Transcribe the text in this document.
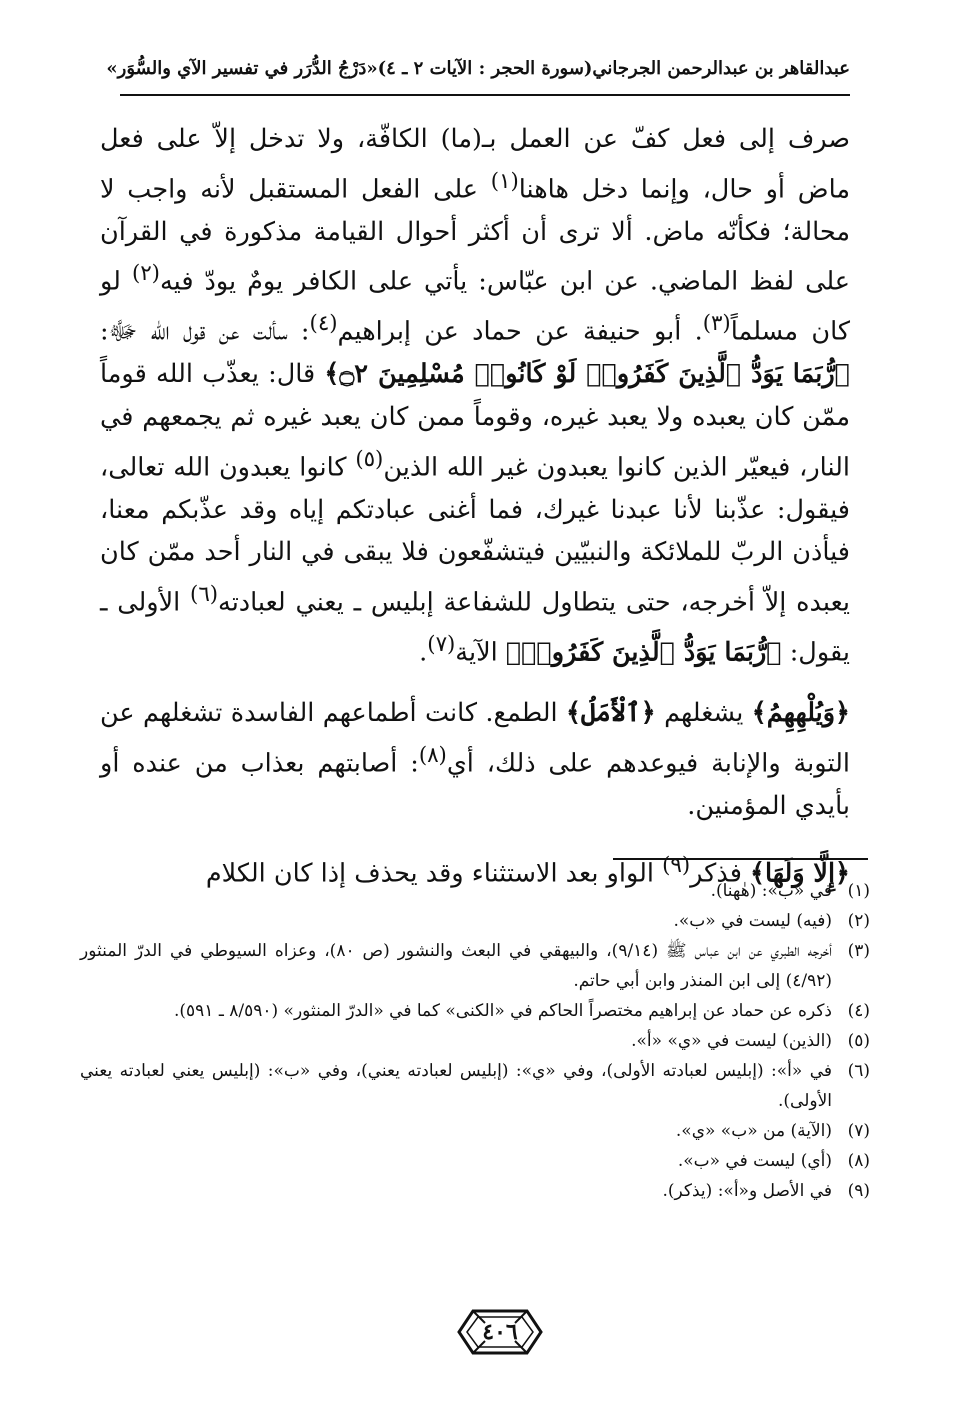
عبدالقاهر بن عبدالرحمن الجرجاني
(سورة الحجر : الآيات ٢ ـ ٤)
«دَرْجُ الدُّرَر في تفسير الآي والسُّوَر»

صرف إلى فعل كفّ عن العمل بـ(ما) الكافّة، ولا تدخل إلاّ على فعل ماض أو حال، وإنما دخل هاهنا$^{(١)}$ على الفعل المستقبل لأنه واجب لا محالة؛ فكأنّه ماض. ألا ترى أن أكثر أحوال القيامة مذكورة في القرآن على لفظ الماضي. عن ابن عبّاس: يأتي على الكافر يومٌ يودّ فيه$^{(٢)}$ لو كان مسلماً$^{(٣)}$. أبو حنيفة عن حماد عن إبراهيم$^{(٤)}$: سألت عن قول الله ﷻ: ﴿رُّبَمَا يَوَدُّ ٱلَّذِينَ كَفَرُوا۟ لَوْ كَانُوا۟ مُسْلِمِينَ ۝٢﴾ قال: يعذّب الله قوماً ممّن كان يعبده ولا يعبد غيره، وقوماً ممن كان يعبد غيره ثم يجمعهم في النار، فيعيّر الذين كانوا يعبدون غير الله الذين$^{(٥)}$ كانوا يعبدون الله تعالى، فيقول: عذّبنا لأنا عبدنا غيرك، فما أغنى عبادتكم إياه وقد عذّبكم معنا، فيأذن الربّ للملائكة والنبيّين فيتشفّعون فلا يبقى في النار أحد ممّن كان يعبده إلاّ أخرجه، حتى يتطاول للشفاعة إبليس ـ يعني لعبادته$^{(٦)}$ الأولى ـ يقول: ﴿رُّبَمَا يَوَدُّ ٱلَّذِينَ كَفَرُوا۟﴾ الآية$^{(٧)}$.

﴿وَيُلْهِهِمُ﴾ يشغلهم ﴿ٱلْأَمَلُ﴾ الطمع. كانت أطماعهم الفاسدة تشغلهم عن التوبة والإنابة فيوعدهم على ذلك، أي$^{(٨)}$: أصابتهم بعذاب من عنده أو بأيدي المؤمنين.

﴿إِلَّا وَلَهَا﴾ فذكر$^{(٩)}$ الواو بعد الاستثناء وقد يحذف إذا كان الكلام

(١)
في «ب»: (هٰهنا).
(٢)
(فيه) ليست في «ب».
(٣)
أخرجه الطبري عن ابن عباس ﷺ (٩/١٤)، والبيهقي في البعث والنشور (ص ٨٠)، وعزاه السيوطي في الدرّ المنثور (٤/٩٢) إلى ابن المنذر وابن أبي حاتم.
(٤)
ذكره عن حماد عن إبراهيم مختصراً الحاكم في «الكنى» كما في «الدرّ المنثور» (٨/٥٩٠ ـ ٥٩١).
(٥)
(الذين) ليست في «ي» «أ».
(٦)
في «أ»: (إبليس لعبادته الأولى)، وفي «ي»: (إبليس لعبادته يعني)، وفي «ب»: (إبليس يعني لعبادته يعني الأولى).
(٧)
(الآية) من «ب» «ي».
(٨)
(أي) ليست في «ب».
(٩)
في الأصل و«أ»: (يذكر).
٤٠٦
